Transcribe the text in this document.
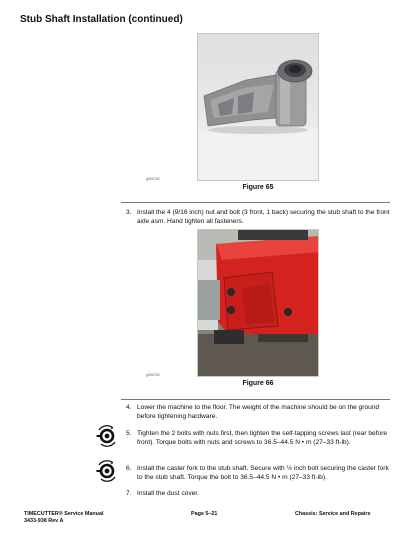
Stub Shaft Installation (continued)
g300752
Figure 65
3. Install the 4 (9/16 inch) nut and bolt (3 front, 1 back) securing the stub shaft to the front axle asm. Hand tighten all fasteners.
g300753
Figure 66
4. Lower the machine to the floor. The weight of the machine should be on the ground before tightening hardware.
5. Tighten the 2 bolts with nuts first, then tighten the self-tapping screws last (rear before front). Torque bolts with nuts and screws to 36.5–44.5 N • m (27–33 ft-lb).
6. Install the caster fork to the stub shaft. Secure with ½ inch bolt securing the caster fork to the stub shaft. Torque the bolt to 36.5–44.5 N • m (27–33 ft-lb).
7. Install the dust cover.
TIMECUTTER® Service Manual
3433-938 Rev A
Page 5–21	Chassis: Service and Repairs
